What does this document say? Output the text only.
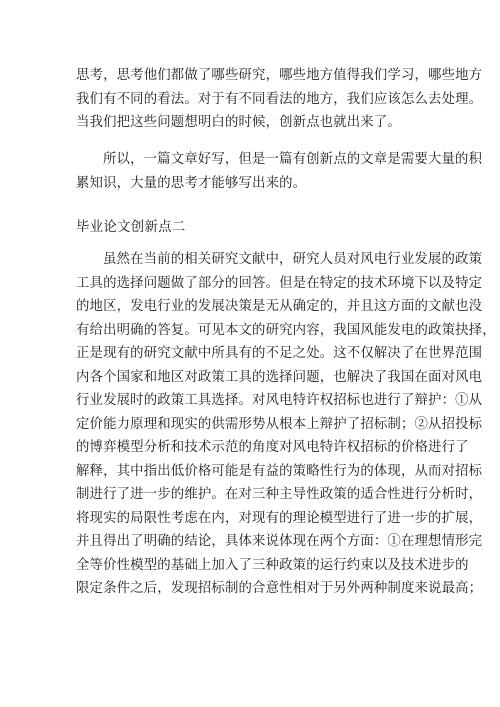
思考，思考他们都做了哪些研究，哪些地方值得我们学习，哪些地方
我们有不同的看法。对于有不同看法的地方，我们应该怎么去处理。
当我们把这些问题想明白的时候，创新点也就出来了。
所以，一篇文章好写，但是一篇有创新点的文章是需要大量的积
累知识，大量的思考才能够写出来的。
毕业论文创新点二
虽然在当前的相关研究文献中，研究人员对风电行业发展的政策
工具的选择问题做了部分的回答。但是在特定的技术环境下以及特定
的地区，发电行业的发展决策是无从确定的，并且这方面的文献也没
有给出明确的答复。可见本文的研究内容，我国风能发电的政策抉择，
正是现有的研究文献中所具有的不足之处。这不仅解决了在世界范围
内各个国家和地区对政策工具的选择问题，也解决了我国在面对风电
行业发展时的政策工具选择。对风电特许权招标也进行了辩护：①从
定价能力原理和现实的供需形势从根本上辩护了招标制；②从招投标
的博弈模型分析和技术示范的角度对风电特许权招标的价格进行了
解释，其中指出低价格可能是有益的策略性行为的体现，从而对招标
制进行了进一步的维护。在对三种主导性政策的适合性进行分析时，
将现实的局限性考虑在内，对现有的理论模型进行了进一步的扩展，
并且得出了明确的结论，具体来说体现在两个方面：①在理想情形完
全等价性模型的基础上加入了三种政策的运行约束以及技术进步的
限定条件之后，发现招标制的合意性相对于另外两种制度来说最高；
